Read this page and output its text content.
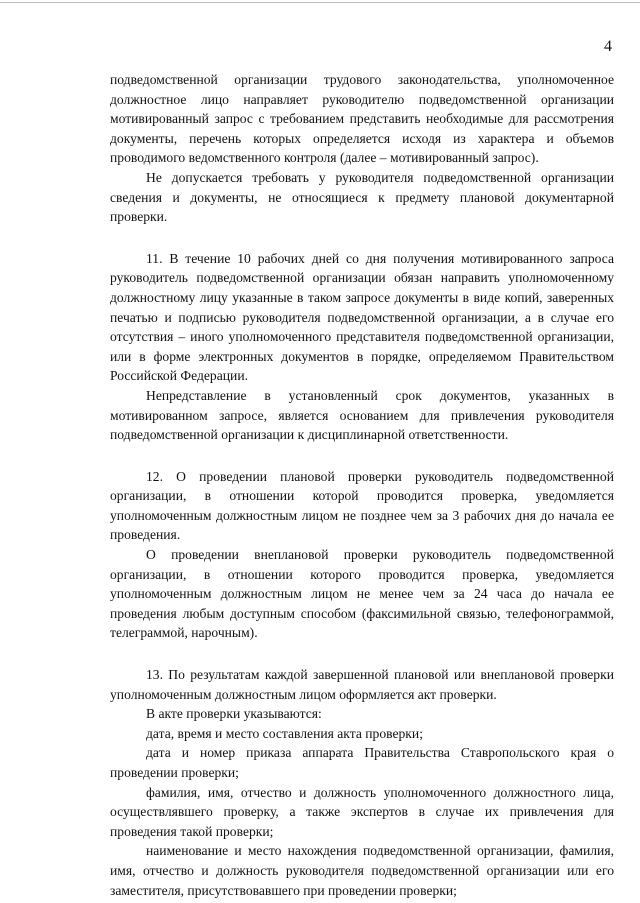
4

подведомственной организации трудового законодательства, уполномоченное должностное лицо направляет руководителю подведомственной организации мотивированный запрос с требованием представить необходимые для рассмотрения документы, перечень которых определяется исходя из характера и объемов проводимого ведомственного контроля (далее – мотивированный запрос).

Не допускается требовать у руководителя подведомственной организации сведения и документы, не относящиеся к предмету плановой документарной проверки.

11. В течение 10 рабочих дней со дня получения мотивированного запроса руководитель подведомственной организации обязан направить уполномоченному должностному лицу указанные в таком запросе документы в виде копий, заверенных печатью и подписью руководителя подведомственной организации, а в случае его отсутствия – иного уполномоченного представителя подведомственной организации, или в форме электронных документов в порядке, определяемом Правительством Российской Федерации.

Непредставление в установленный срок документов, указанных в мотивированном запросе, является основанием для привлечения руководителя подведомственной организации к дисциплинарной ответственности.

12. О проведении плановой проверки руководитель подведомственной организации, в отношении которой проводится проверка, уведомляется уполномоченным должностным лицом не позднее чем за 3 рабочих дня до начала ее проведения.

О проведении внеплановой проверки руководитель подведомственной организации, в отношении которого проводится проверка, уведомляется уполномоченным должностным лицом не менее чем за 24 часа до начала ее проведения любым доступным способом (факсимильной связью, телефонограммой, телеграммой, нарочным).

13. По результатам каждой завершенной плановой или внеплановой проверки уполномоченным должностным лицом оформляется акт проверки.

В акте проверки указываются:

дата, время и место составления акта проверки;

дата и номер приказа аппарата Правительства Ставропольского края о проведении проверки;

фамилия, имя, отчество и должность уполномоченного должностного лица, осуществлявшего проверку, а также экспертов в случае их привлечения для проведения такой проверки;

наименование и место нахождения подведомственной организации, фамилия, имя, отчество и должность руководителя подведомственной организации или его заместителя, присутствовавшего при проведении проверки;
